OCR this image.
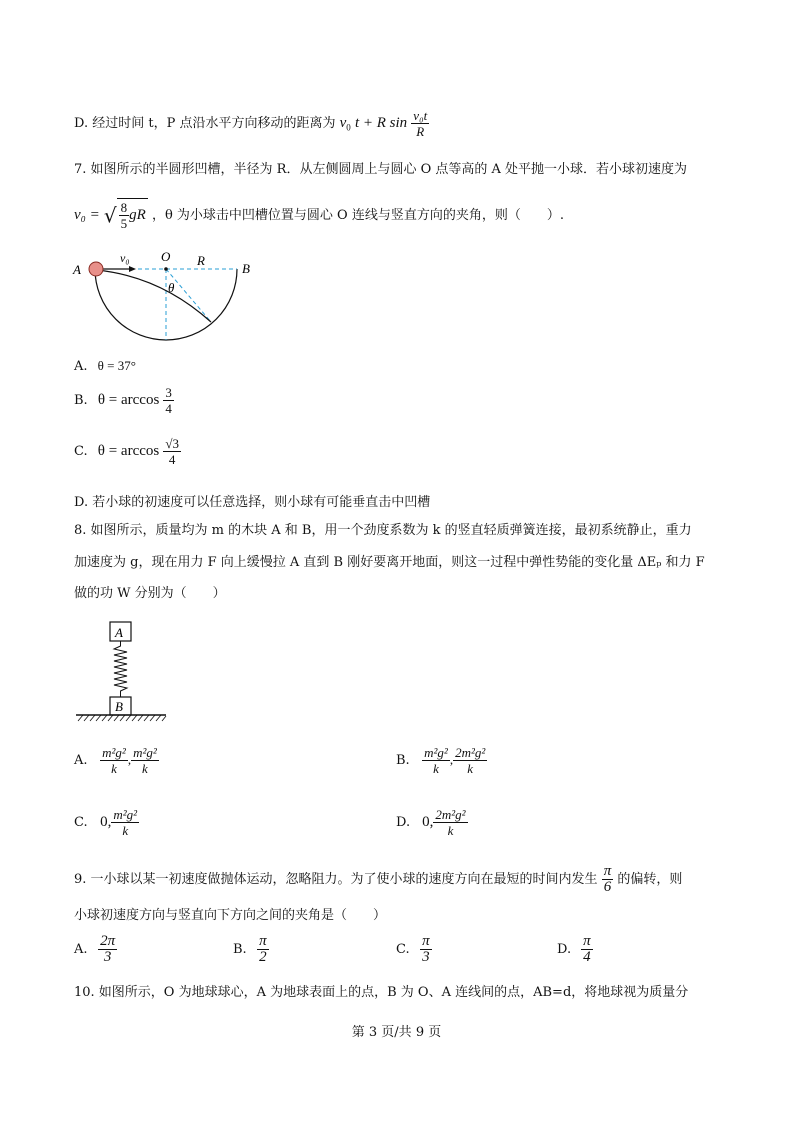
D. 经过时间 t，P 点沿水平方向移动的距离为 $v_0$ t + R $\sin \frac{\text{v₀t}}{R}$
7. 如图所示的半圆形凹槽，半径为 R．从左侧圆周上与圆心 O 点等高的 A 处平抛一小球．若小球初速度为
v₀ = √ $\frac{8}{5}$ gR ，θ 为小球击中凹槽位置与圆心 O 连线与竖直方向的夹角，则（　　）.
A	B
O R
v₀
θ
A. θ = 37°
B. $\theta = \arccos \frac{3}{4}$
C. $\theta = \arccos \frac{√3}{4}$
D. 若小球的初速度可以任意选择，则小球有可能垂直击中凹槽
8. 如图所示，质量均为 m 的木块 A 和 B，用一个劲度系数为 k 的竖直轻质弹簧连接，最初系统静止，重力
加速度为 g，现在用力 F 向上缓慢拉 A 直到 B 刚好要离开地面，则这一过程中弹性势能的变化量 ΔEₚ 和力 F
做的功 W 分别为（　　）
A
B
A. $\frac{\text{m²g²}}{k}$ , $\frac{\text{m²g²}}{k}$	B. $\frac{\text{m²g²}}{k}$ , $\frac{\text{2m²g²}}{k}$
C. 0, $\frac{\text{m²g²}}{k}$	D. 0, $\frac{\text{2m²g²}}{k}$
9. 一小球以某一初速度做抛体运动，忽略阻力。为了使小球的速度方向在最短的时间内发生 $\frac{\pi}{6}$ 的偏转，则
小球初速度方向与竖直向下方向之间的夹角是（　　）
A. $\frac{2\pi}{3}$	B. $\frac{\pi}{2}$	C. $\frac{\pi}{3}$	D. $\frac{\pi}{4}$
10. 如图所示，O 为地球球心，A 为地球表面上的点，B 为 O、A 连线间的点，AB=d，将地球视为质量分
第 3 页/共 9 页
